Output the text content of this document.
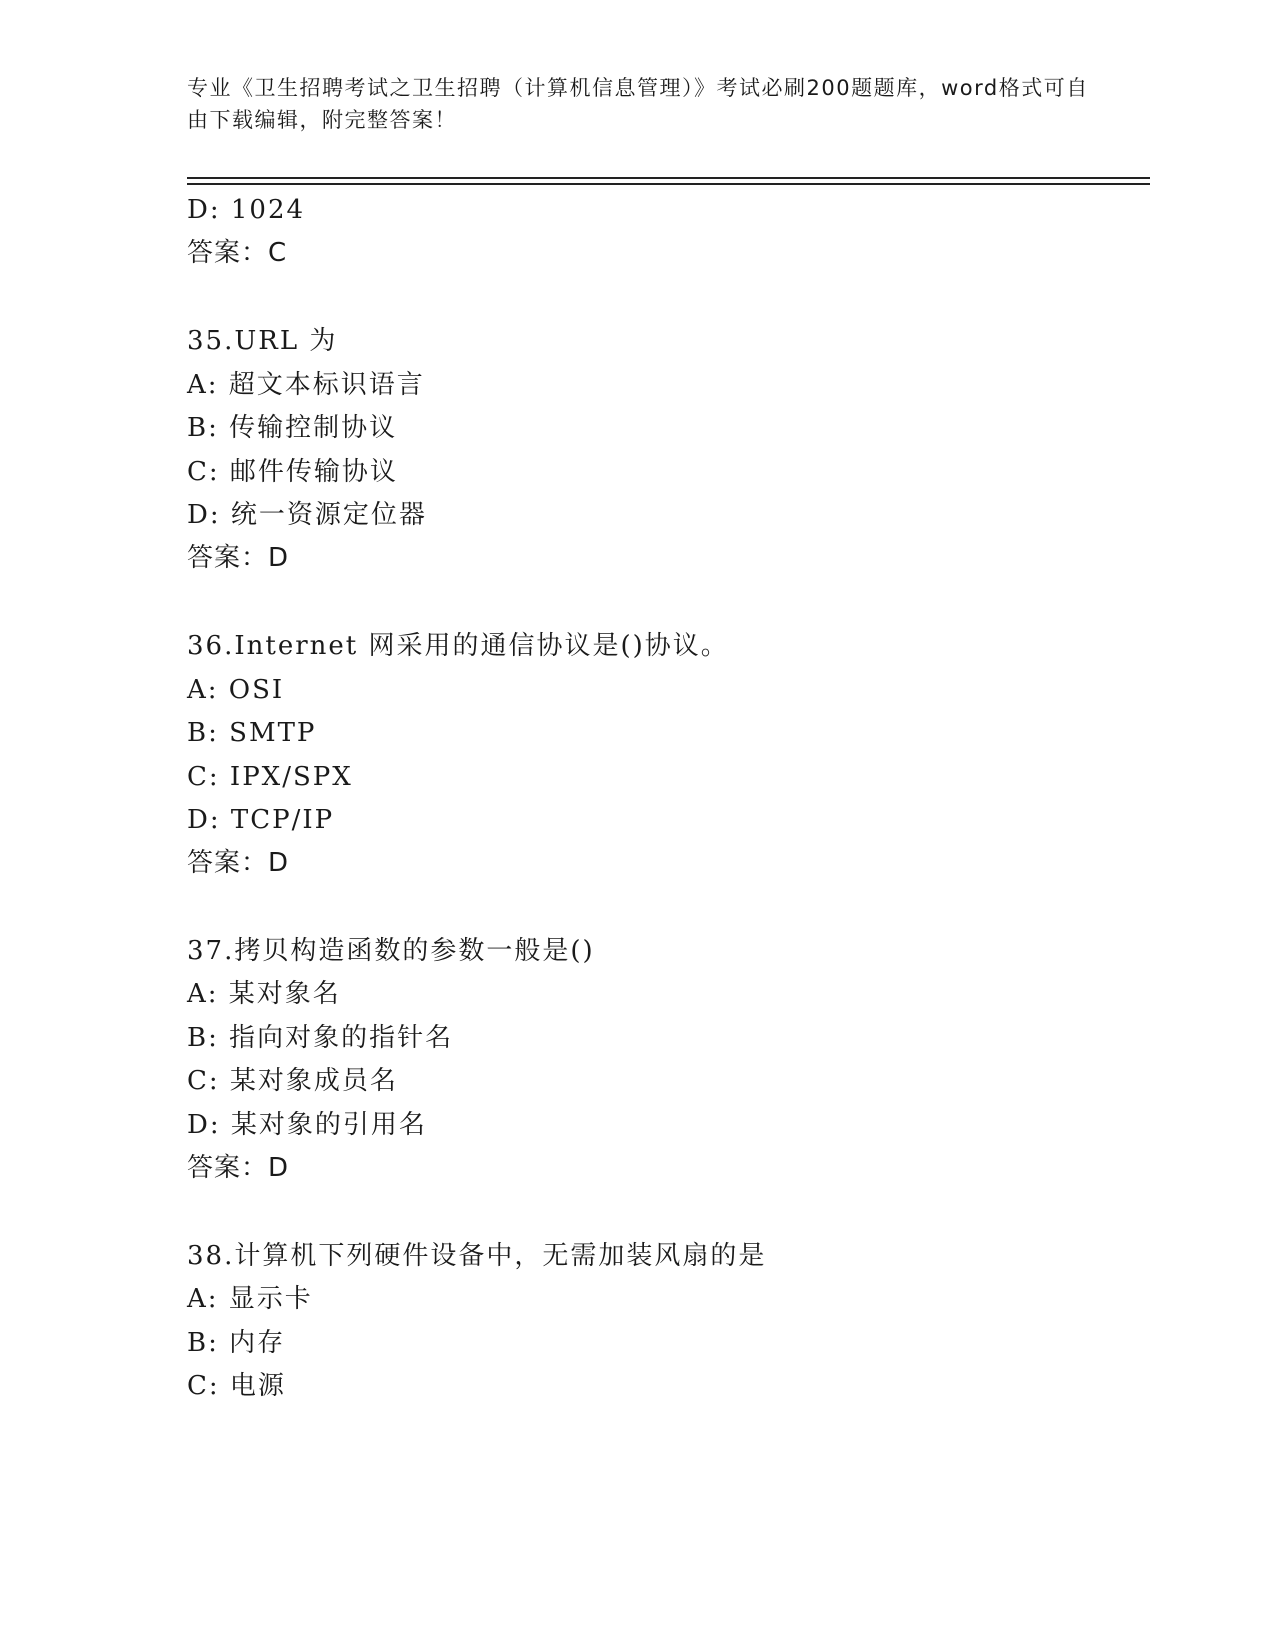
专业《卫生招聘考试之卫生招聘（计算机信息管理）》考试必刷200题题库，word格式可自由下载编辑，附完整答案！
D: 1024
答案：C
35.URL 为
A: 超文本标识语言
B: 传输控制协议
C: 邮件传输协议
D: 统一资源定位器
答案：D
36.Internet 网采用的通信协议是()协议。
A: OSI
B: SMTP
C: IPX/SPX
D: TCP/IP
答案：D
37.拷贝构造函数的参数一般是()
A: 某对象名
B: 指向对象的指针名
C: 某对象成员名
D: 某对象的引用名
答案：D
38.计算机下列硬件设备中，无需加装风扇的是
A: 显示卡
B: 内存
C: 电源
